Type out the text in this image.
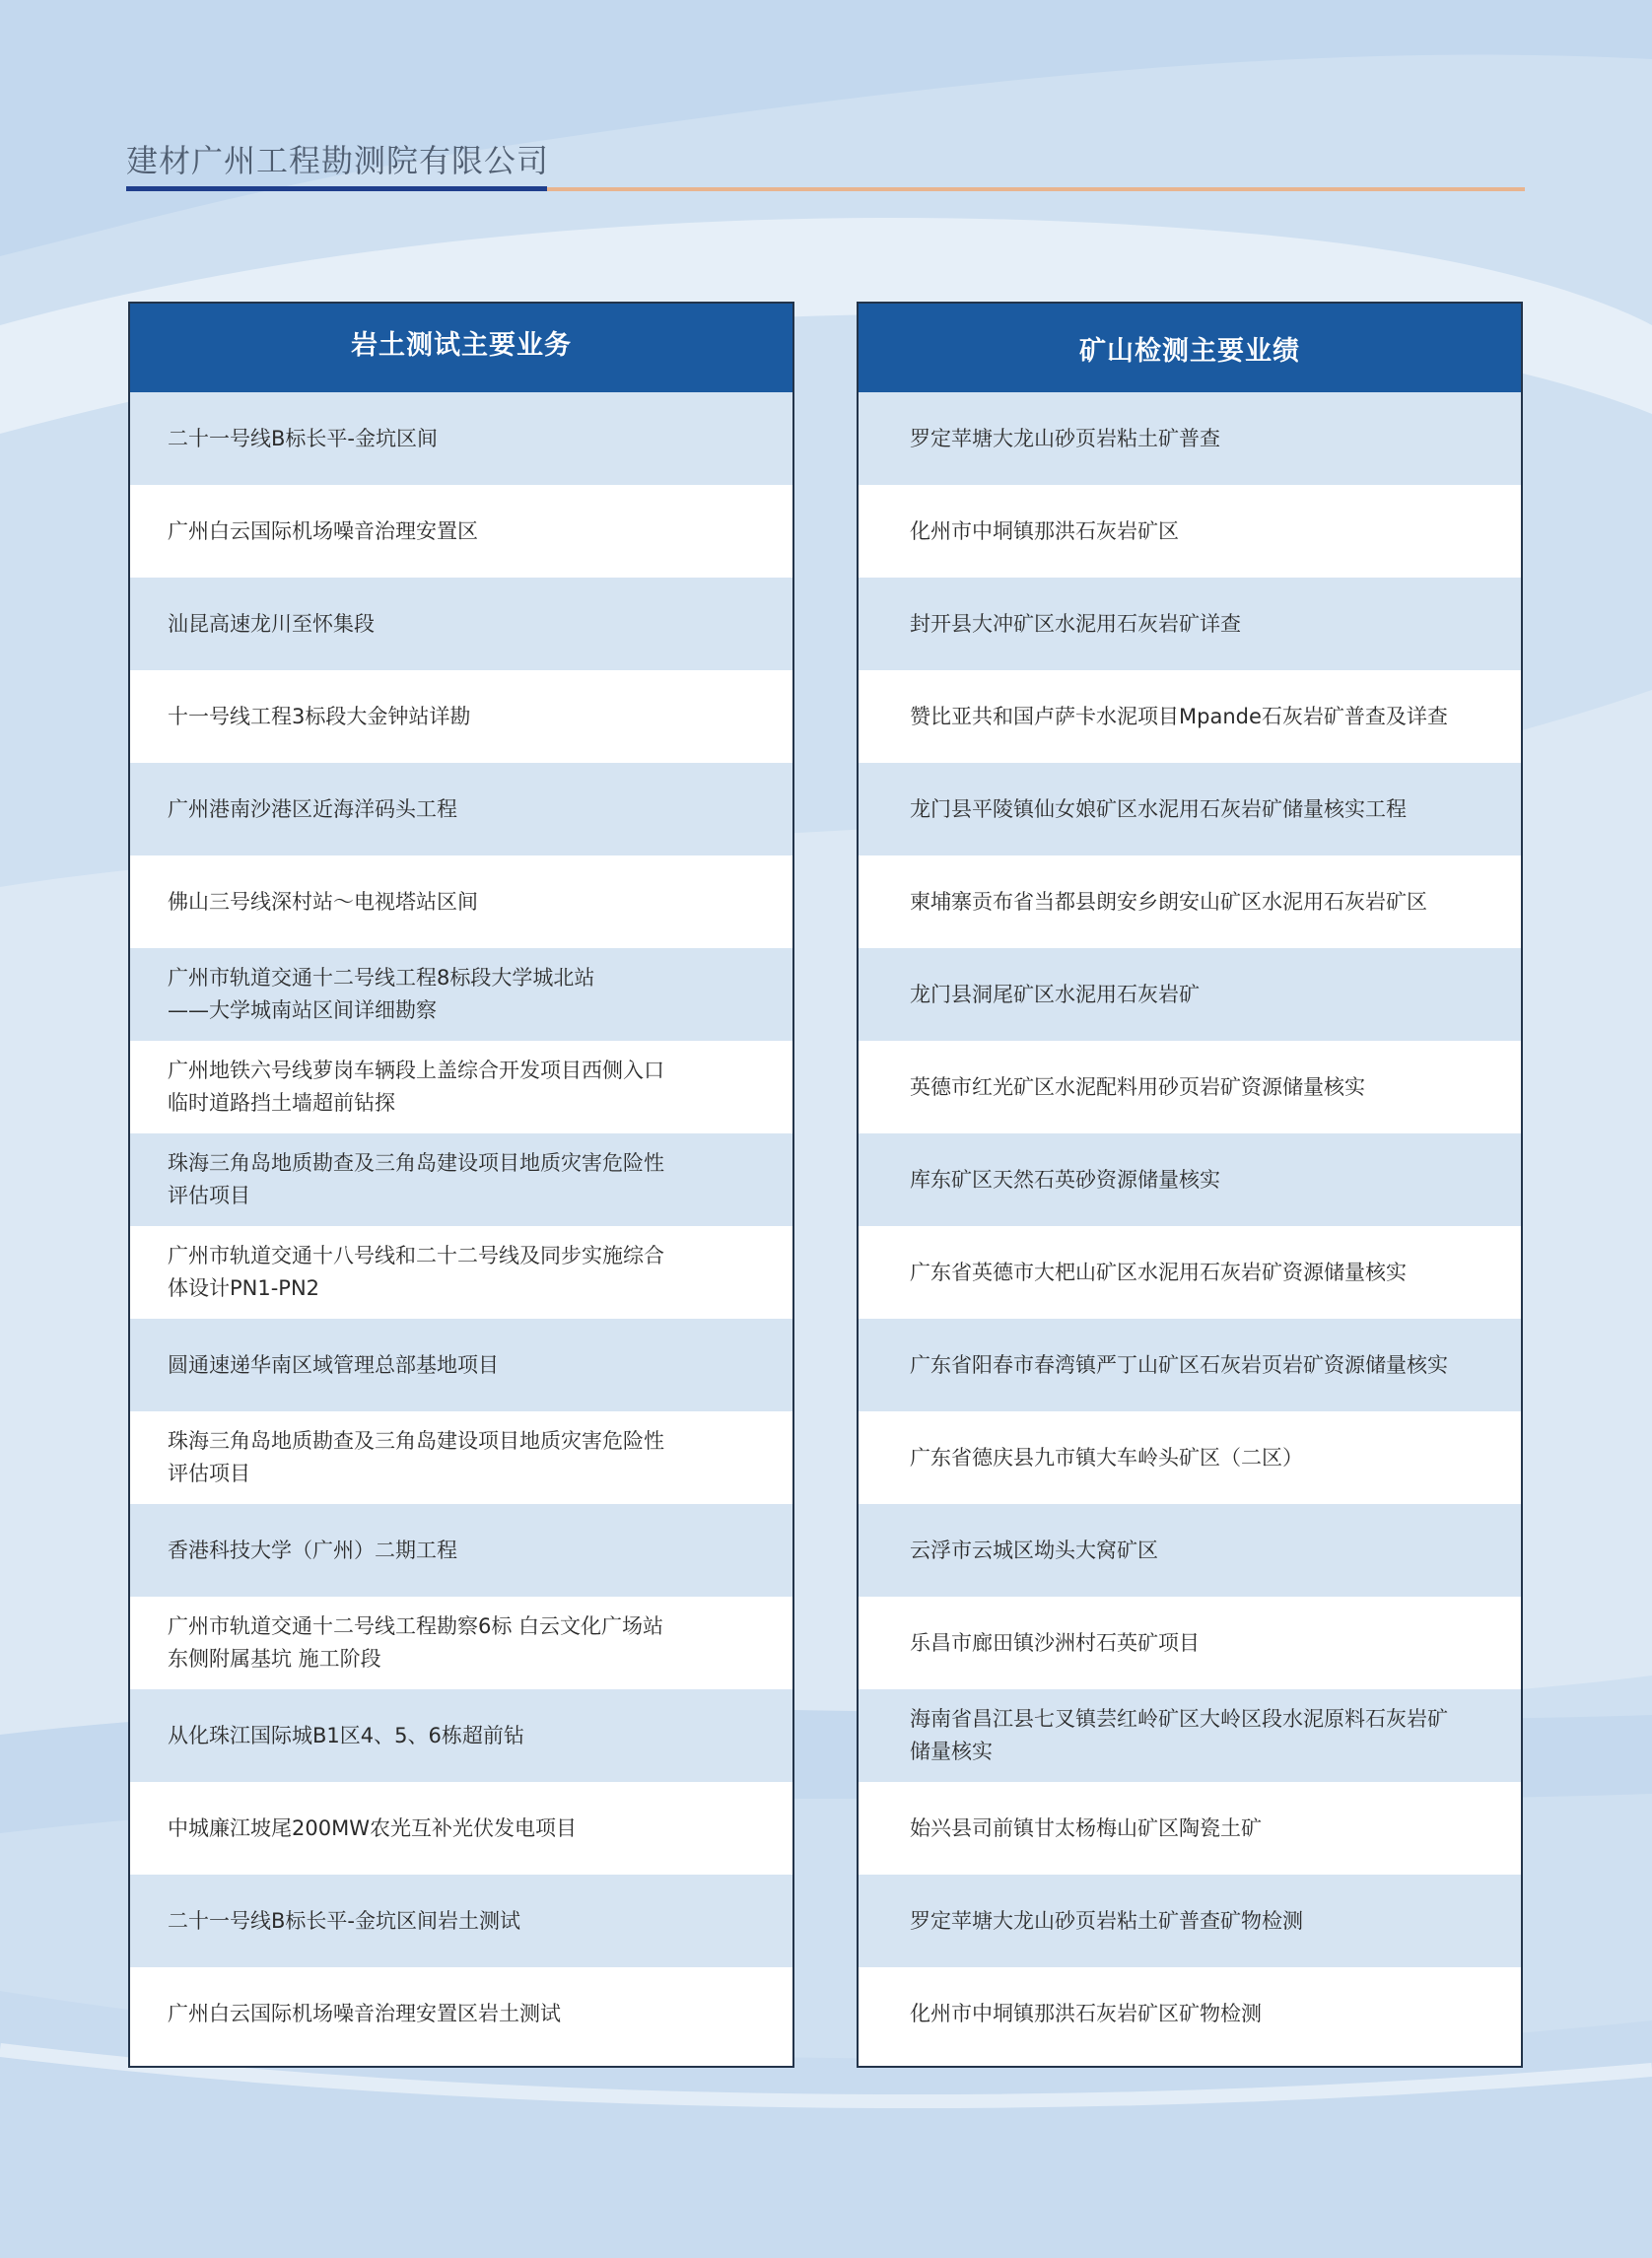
建材广州工程勘测院有限公司
岩土测试主要业务
二十一号线B标长平-金坑区间
广州白云国际机场噪音治理安置区
汕昆高速龙川至怀集段
十一号线工程3标段大金钟站详勘
广州港南沙港区近海洋码头工程
佛山三号线深村站～电视塔站区间
广州市轨道交通十二号线工程8标段大学城北站
——大学城南站区间详细勘察
广州地铁六号线萝岗车辆段上盖综合开发项目西侧入口
临时道路挡土墙超前钻探
珠海三角岛地质勘查及三角岛建设项目地质灾害危险性
评估项目
广州市轨道交通十八号线和二十二号线及同步实施综合
体设计PN1-PN2
圆通速递华南区域管理总部基地项目
珠海三角岛地质勘查及三角岛建设项目地质灾害危险性
评估项目
香港科技大学（广州）二期工程
广州市轨道交通十二号线工程勘察6标 白云文化广场站
东侧附属基坑 施工阶段
从化珠江国际城B1区4、5、6栋超前钻
中城廉江坡尾200MW农光互补光伏发电项目
二十一号线B标长平-金坑区间岩土测试
广州白云国际机场噪音治理安置区岩土测试
矿山检测主要业绩
罗定苹塘大龙山砂页岩粘土矿普查
化州市中垌镇那洪石灰岩矿区
封开县大冲矿区水泥用石灰岩矿详查
赞比亚共和国卢萨卡水泥项目Mpande石灰岩矿普查及详查
龙门县平陵镇仙女娘矿区水泥用石灰岩矿储量核实工程
柬埔寨贡布省当都县朗安乡朗安山矿区水泥用石灰岩矿区
龙门县洞尾矿区水泥用石灰岩矿
英德市红光矿区水泥配料用砂页岩矿资源储量核实
库东矿区天然石英砂资源储量核实
广东省英德市大杷山矿区水泥用石灰岩矿资源储量核实
广东省阳春市春湾镇严丁山矿区石灰岩页岩矿资源储量核实
广东省德庆县九市镇大车岭头矿区（二区）
云浮市云城区坳头大窝矿区
乐昌市廊田镇沙洲村石英矿项目
海南省昌江县七叉镇芸红岭矿区大岭区段水泥原料石灰岩矿
储量核实
始兴县司前镇甘太杨梅山矿区陶瓷土矿
罗定苹塘大龙山砂页岩粘土矿普查矿物检测
化州市中垌镇那洪石灰岩矿区矿物检测
